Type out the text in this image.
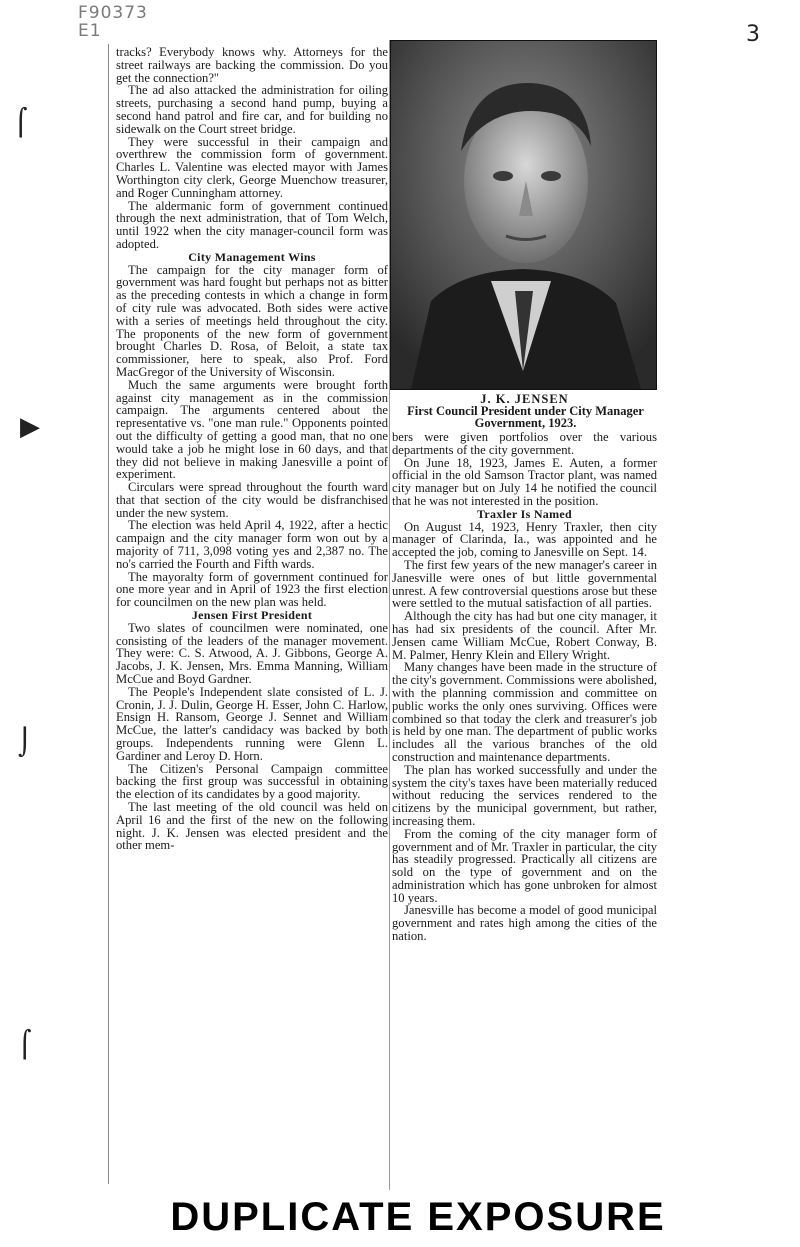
F90373
E1	3
⌠
▶
⌡
⌠

tracks? Everybody knows why. Attorneys for the street railways are backing the commission. Do you get the connection?"

The ad also attacked the administration for oiling streets, purchasing a second hand pump, buying a second hand patrol and fire car, and for building no sidewalk on the Court street bridge.

They were successful in their campaign and overthrew the commission form of government. Charles L. Valentine was elected mayor with James Worthington city clerk, George Muenchow treasurer, and Roger Cunningham attorney.

The aldermanic form of government continued through the next administration, that of Tom Welch, until 1922 when the city manager-council form was adopted.

City Management Wins

The campaign for the city manager form of government was hard fought but perhaps not as bitter as the preceding contests in which a change in form of city rule was advocated. Both sides were active with a series of meetings held throughout the city. The proponents of the new form of government brought Charles D. Rosa, of Beloit, a state tax commissioner, here to speak, also Prof. Ford MacGregor of the University of Wisconsin.

Much the same arguments were brought forth against city management as in the commission campaign. The arguments centered about the representative vs. "one man rule." Opponents pointed out the difficulty of getting a good man, that no one would take a job he might lose in 60 days, and that they did not believe in making Janesville a point of experiment.

Circulars were spread throughout the fourth ward that that section of the city would be disfranchised under the new system.

The election was held April 4, 1922, after a hectic campaign and the city manager form won out by a majority of 711, 3,098 voting yes and 2,387 no. The no's carried the Fourth and Fifth wards.

The mayoralty form of government continued for one more year and in April of 1923 the first election for councilmen on the new plan was held.

Jensen First President

Two slates of councilmen were nominated, one consisting of the leaders of the manager movement. They were: C. S. Atwood, A. J. Gibbons, George A. Jacobs, J. K. Jensen, Mrs. Emma Manning, William McCue and Boyd Gardner.

The People's Independent slate consisted of L. J. Cronin, J. J. Dulin, George H. Esser, John C. Harlow, Ensign H. Ransom, George J. Sennet and William McCue, the latter's candidacy was backed by both groups. Independents running were Glenn L. Gardiner and Leroy D. Horn.

The Citizen's Personal Campaign committee backing the first group was successful in obtaining the election of its candidates by a good majority.

The last meeting of the old council was held on April 16 and the first of the new on the following night. J. K. Jensen was elected president and the other mem-

J. K. JENSEN
First Council President under City Manager Government, 1923.

bers were given portfolios over the various departments of the city government.

On June 18, 1923, James E. Auten, a former official in the old Samson Tractor plant, was named city manager but on July 14 he notified the council that he was not interested in the position.

Traxler Is Named

On August 14, 1923, Henry Traxler, then city manager of Clarinda, Ia., was appointed and he accepted the job, coming to Janesville on Sept. 14.

The first few years of the new manager's career in Janesville were ones of but little governmental unrest. A few controversial questions arose but these were settled to the mutual satisfaction of all parties.

Although the city has had but one city manager, it has had six presidents of the council. After Mr. Jensen came William McCue, Robert Conway, B. M. Palmer, Henry Klein and Ellery Wright.

Many changes have been made in the structure of the city's government. Commissions were abolished, with the planning commission and committee on public works the only ones surviving. Offices were combined so that today the clerk and treasurer's job is held by one man. The department of public works includes all the various branches of the old construction and maintenance departments.

The plan has worked successfully and under the system the city's taxes have been materially reduced without reducing the services rendered to the citizens by the municipal government, but rather, increasing them.

From the coming of the city manager form of government and of Mr. Traxler in particular, the city has steadily progressed. Practically all citizens are sold on the type of government and on the administration which has gone unbroken for almost 10 years.

Janesville has become a model of good municipal government and rates high among the cities of the nation.

DUPLICATE EXPOSURE
